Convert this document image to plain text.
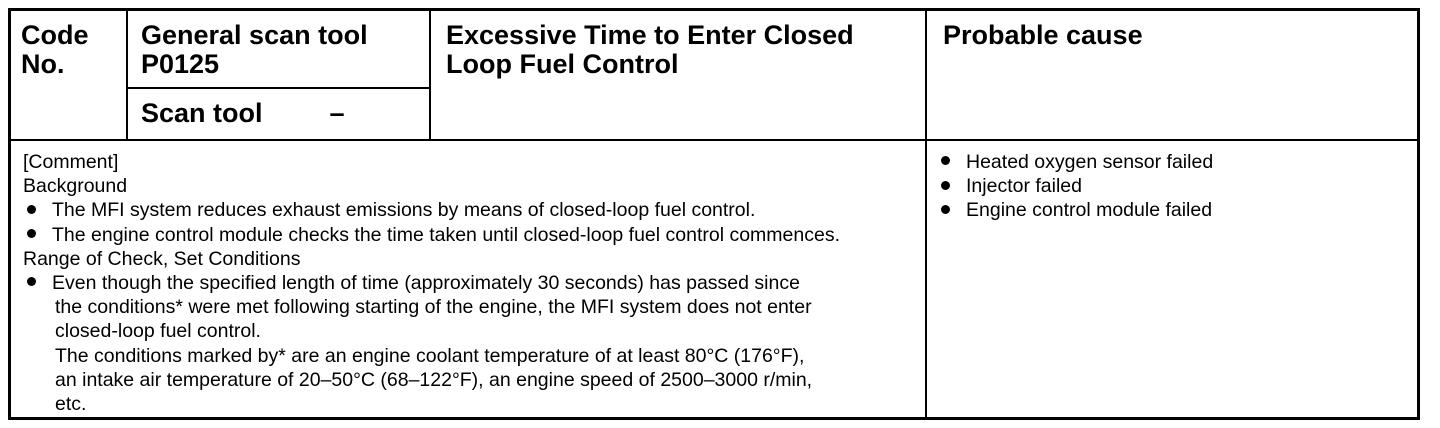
Code
No.
General scan tool
P0125
Scan tool –
Excessive Time to Enter Closed
Loop Fuel Control
Probable cause
[Comment]
Background
The MFI system reduces exhaust emissions by means of closed-loop fuel control.
The engine control module checks the time taken until closed-loop fuel control commences.
Range of Check, Set Conditions
Even though the specified length of time (approximately 30 seconds) has passed since
the conditions* were met following starting of the engine, the MFI system does not enter
closed-loop fuel control.
The conditions marked by* are an engine coolant temperature of at least 80°C (176°F),
an intake air temperature of 20–50°C (68–122°F), an engine speed of 2500–3000 r/min,
etc.
Heated oxygen sensor failed
Injector failed
Engine control module failed
